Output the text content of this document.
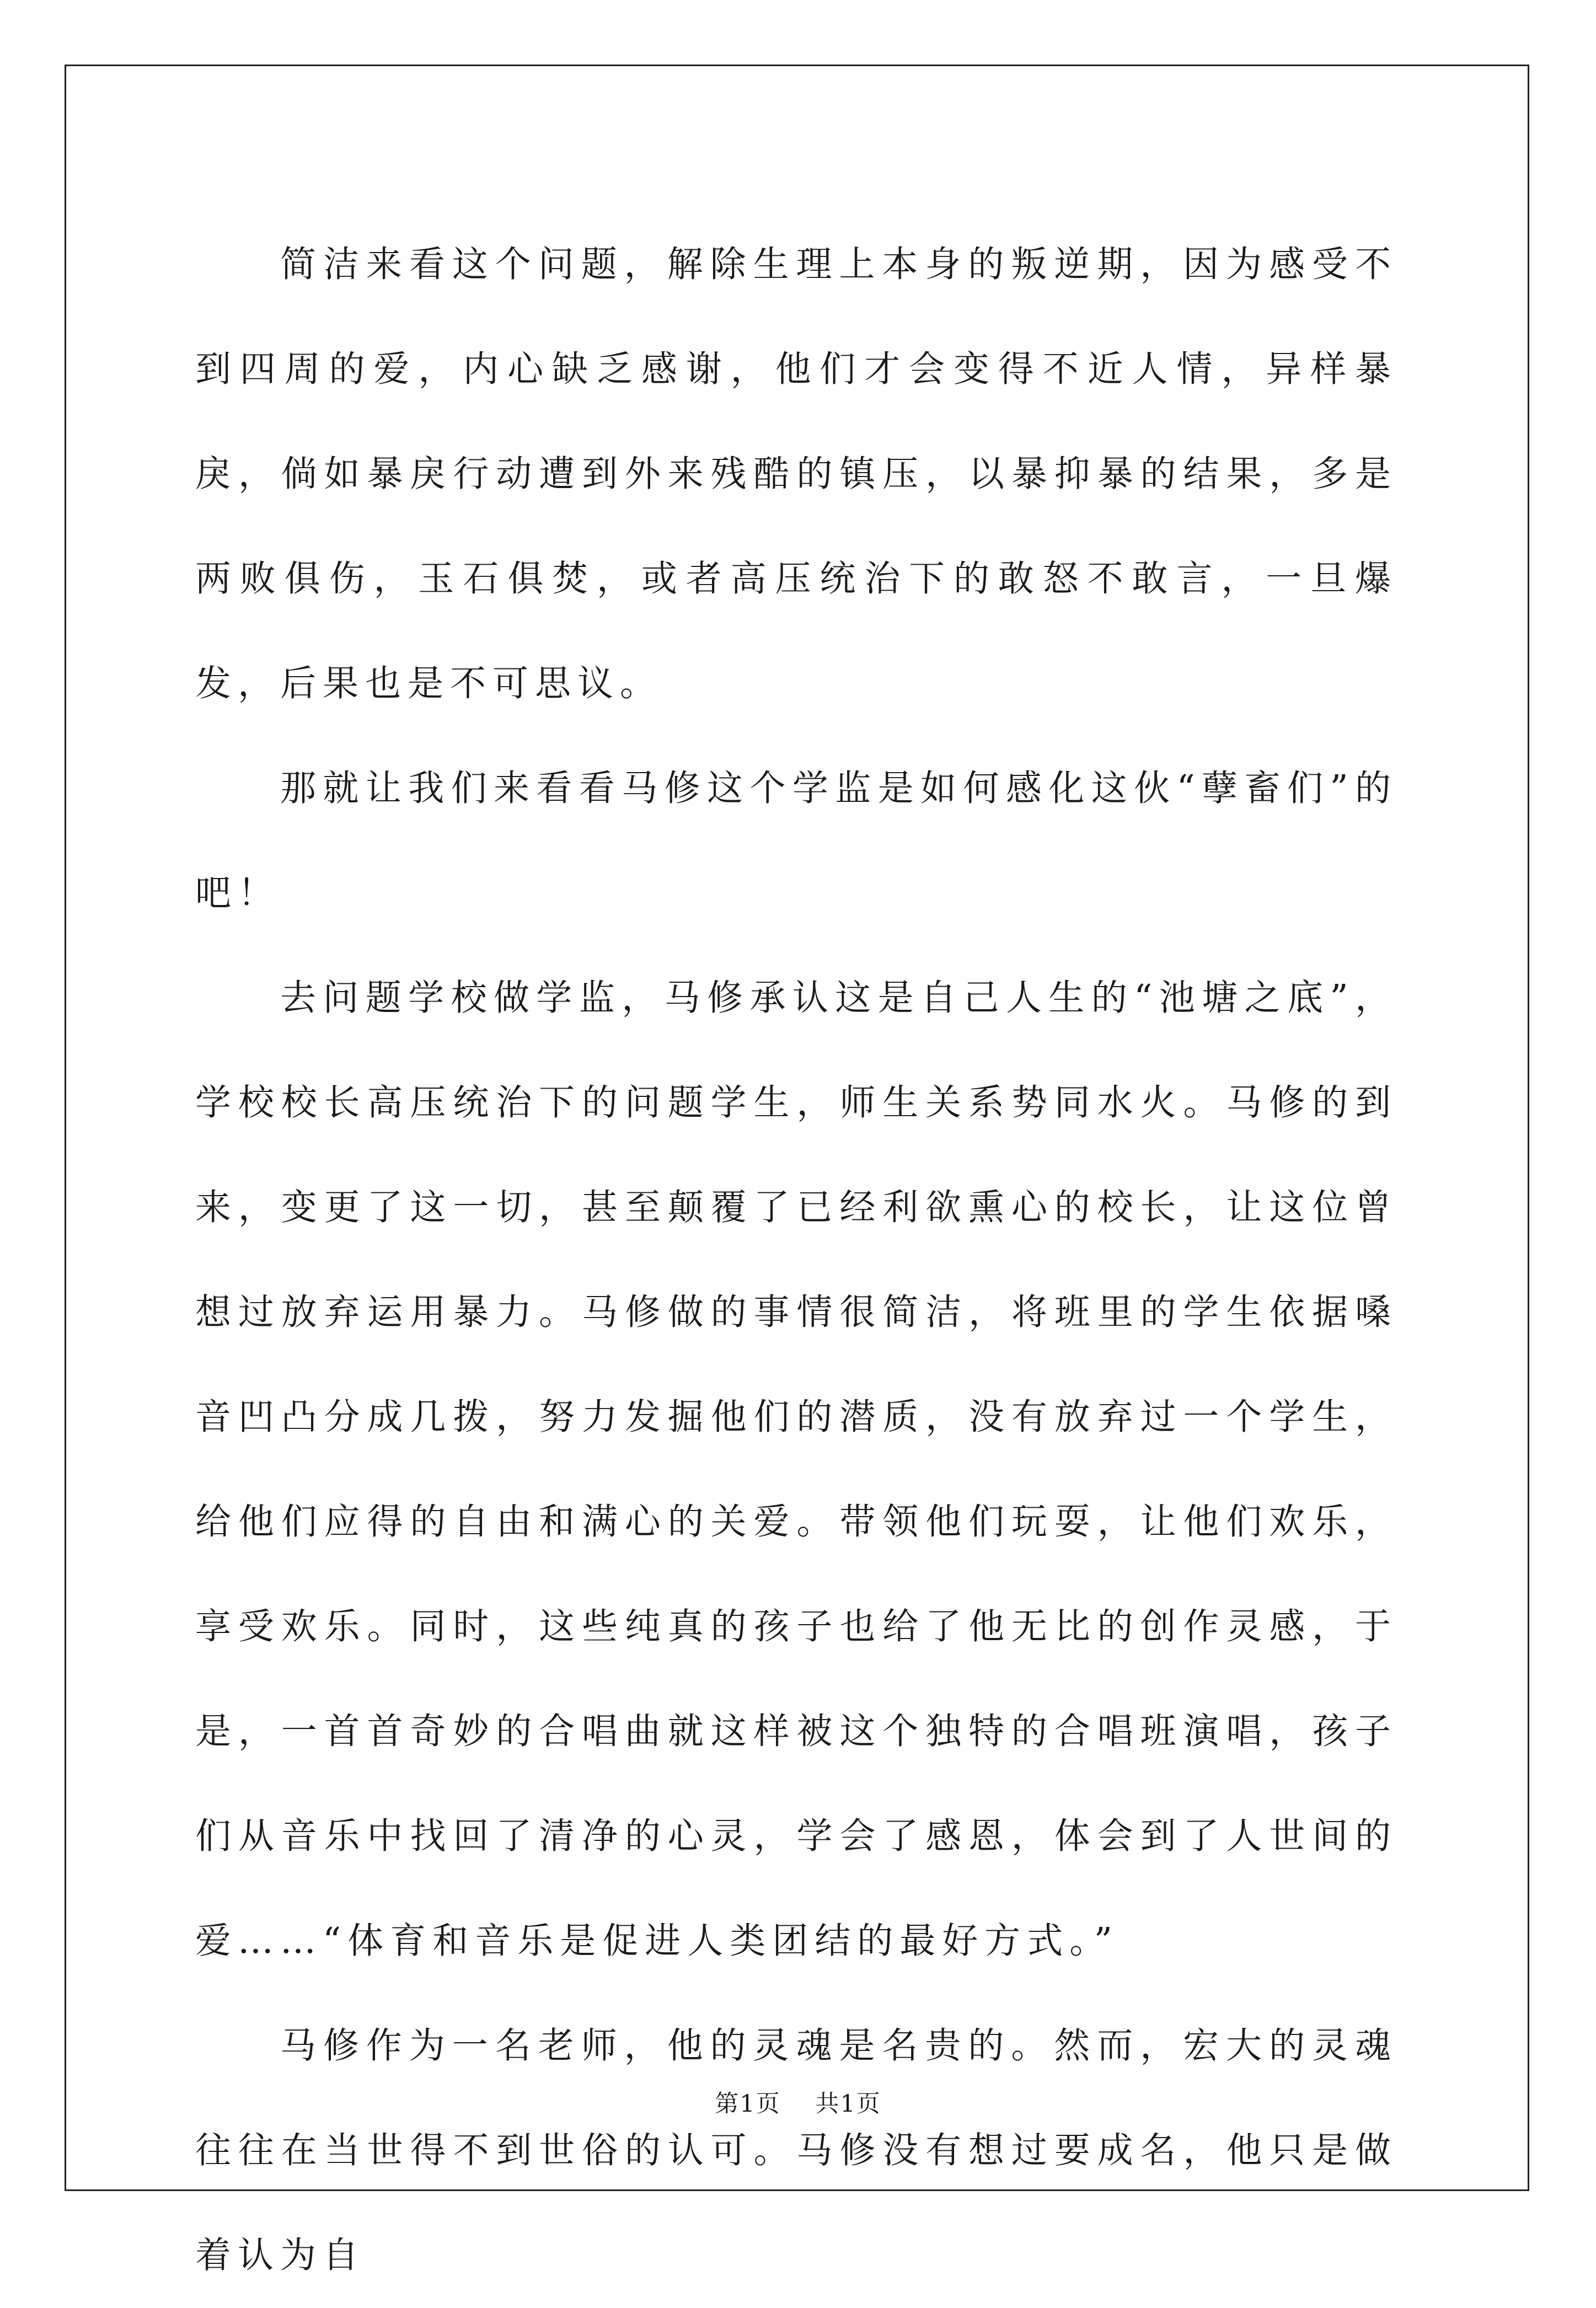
简洁来看这个问题，解除生理上本身的叛逆期，因为感受不到四周的爱，内心缺乏感谢，他们才会变得不近人情，异样暴戾，倘如暴戾行动遭到外来残酷的镇压，以暴抑暴的结果，多是两败俱伤，玉石俱焚，或者高压统治下的敢怒不敢言，一旦爆发，后果也是不可思议。

那就让我们来看看马修这个学监是如何感化这伙“孽畜们”的吧！

去问题学校做学监，马修承认这是自己人生的“池塘之底”，学校校长高压统治下的问题学生，师生关系势同水火。马修的到来，变更了这一切，甚至颠覆了已经利欲熏心的校长，让这位曾想过放弃运用暴力。马修做的事情很简洁，将班里的学生依据嗓音凹凸分成几拨，努力发掘他们的潜质，没有放弃过一个学生，给他们应得的自由和满心的关爱。带领他们玩耍，让他们欢乐，享受欢乐。同时，这些纯真的孩子也给了他无比的创作灵感，于是，一首首奇妙的合唱曲就这样被这个独特的合唱班演唱，孩子们从音乐中找回了清净的心灵，学会了感恩，体会到了人世间的爱……“体育和音乐是促进人类团结的最好方式。”

马修作为一名老师，他的灵魂是名贵的。然而，宏大的灵魂往往在当世得不到世俗的认可。马修没有想过要成名，他只是做着认为自

第1页 共1页
